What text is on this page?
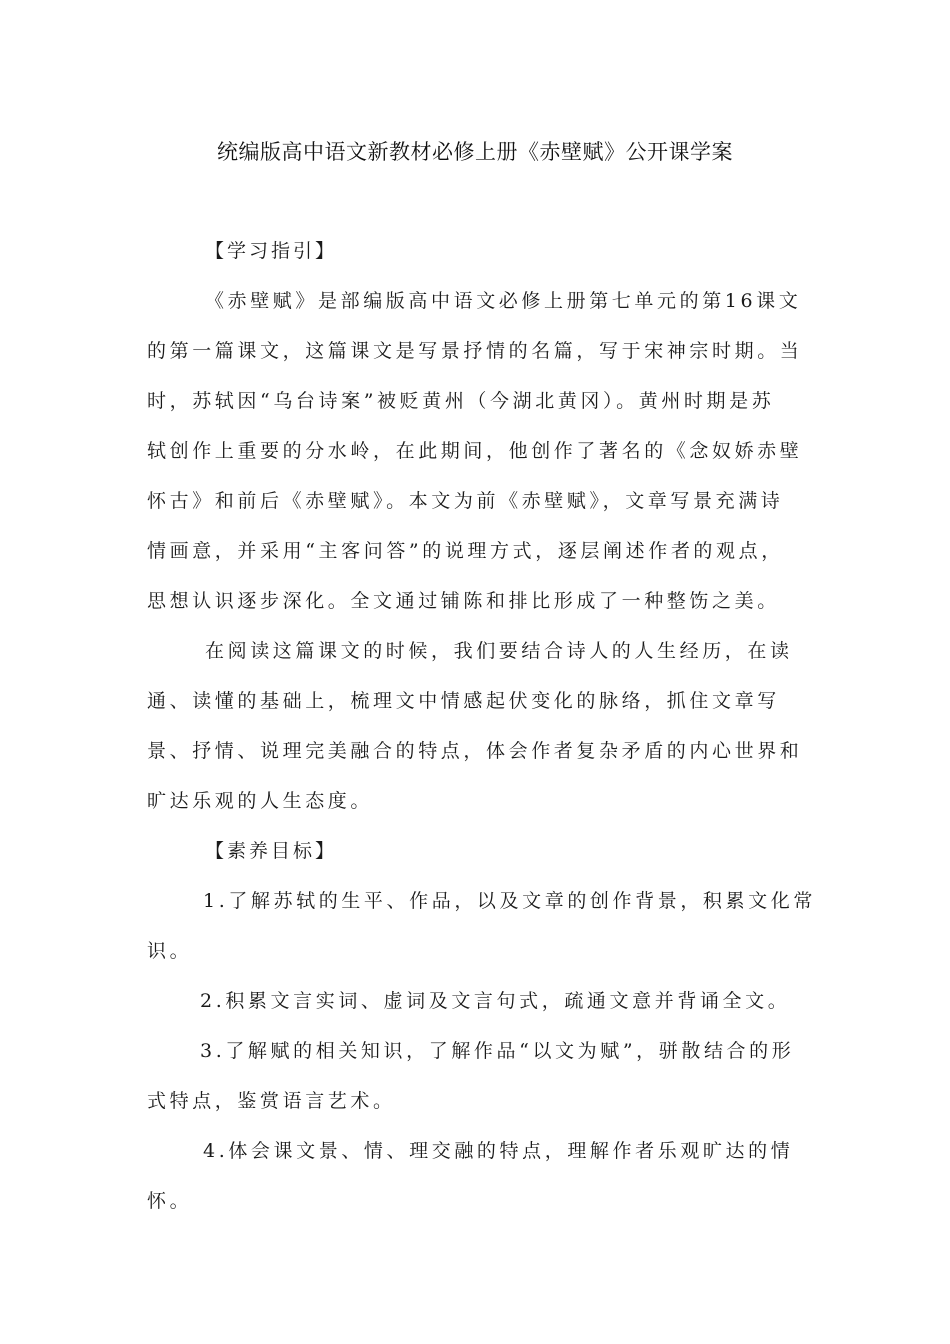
统编版高中语文新教材必修上册《赤壁赋》公开课学案
【学习指引】
《赤壁赋》是部编版高中语文必修上册第七单元的第16课文
的第一篇课文，这篇课文是写景抒情的名篇，写于宋神宗时期。当
时，苏轼因“乌台诗案”被贬黄州（今湖北黄冈）。黄州时期是苏
轼创作上重要的分水岭，在此期间，他创作了著名的《念奴娇赤壁
怀古》和前后《赤壁赋》。本文为前《赤壁赋》，文章写景充满诗
情画意，并采用“主客问答”的说理方式，逐层阐述作者的观点，
思想认识逐步深化。全文通过铺陈和排比形成了一种整饬之美。
在阅读这篇课文的时候，我们要结合诗人的人生经历，在读
通、读懂的基础上，梳理文中情感起伏变化的脉络，抓住文章写
景、抒情、说理完美融合的特点，体会作者复杂矛盾的内心世界和
旷达乐观的人生态度。
【素养目标】
1.了解苏轼的生平、作品，以及文章的创作背景，积累文化常
识。
2.积累文言实词、虚词及文言句式，疏通文意并背诵全文。
3.了解赋的相关知识，了解作品“以文为赋”，骈散结合的形
式特点，鉴赏语言艺术。
4.体会课文景、情、理交融的特点，理解作者乐观旷达的情
怀。
